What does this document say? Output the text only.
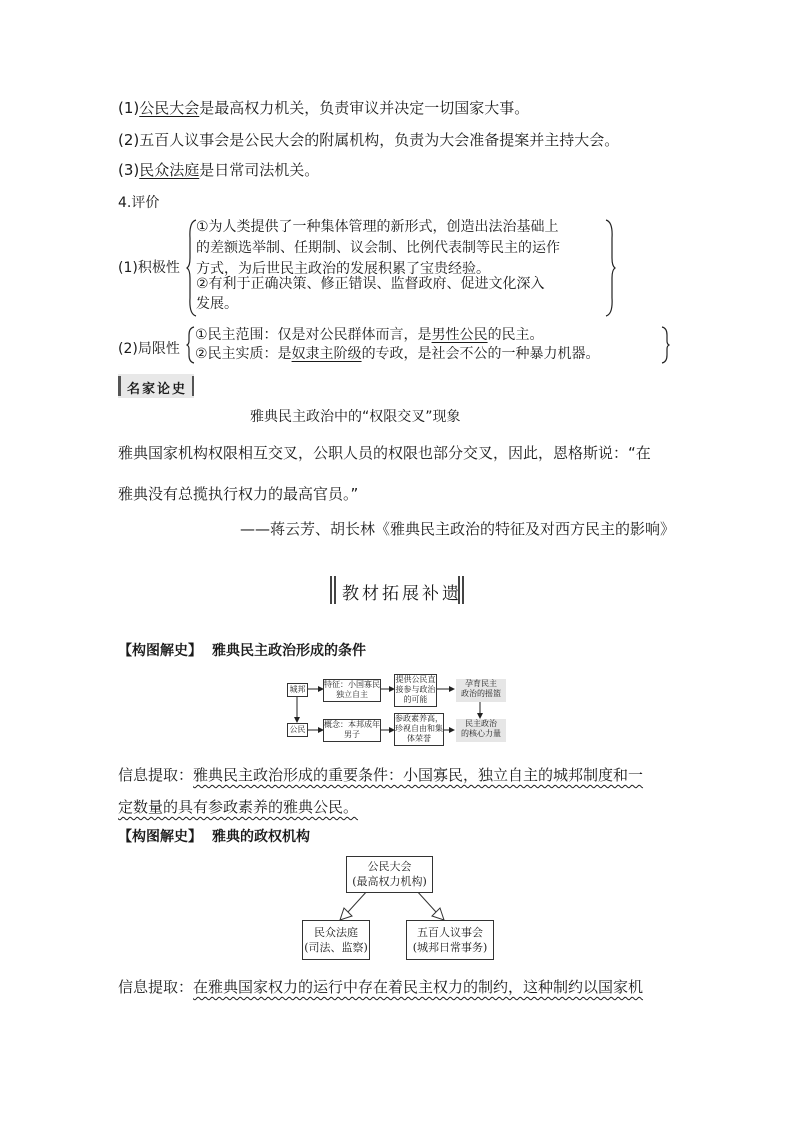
(1)公民大会是最高权力机关，负责审议并决定一切国家大事。
(2)五百人议事会是公民大会的附属机构，负责为大会准备提案并主持大会。
(3)民众法庭是日常司法机关。
4.评价
(1)积极性
①为人类提供了一种集体管理的新形式，创造出法治基础上
的差额选举制、任期制、议会制、比例代表制等民主的运作
方式，为后世民主政治的发展积累了宝贵经验。
②有利于正确决策、修正错误、监督政府、促进文化深入
发展。
(2)局限性
①民主范围：仅是对公民群体而言，是男性公民的民主。
②民主实质：是奴隶主阶级的专政，是社会不公的一种暴力机器。
名家论史
雅典民主政治中的“权限交叉”现象
雅典国家机构权限相互交叉，公职人员的权限也部分交叉，因此，恩格斯说：“在
雅典没有总揽执行权力的最高官员。”
——蒋云芳、胡长林《雅典民主政治的特征及对西方民主的影响》
教材拓展补遗
【构图解史】 雅典民主政治形成的条件
城邦
公民
特征：小国寡民
独立自主
概念：本邦成年
男子
提供公民直
接参与政治
的可能
参政素养高，
珍视自由和集
体荣誉
孕育民主
政治的摇篮
民主政治
的核心力量
信息提取：雅典民主政治形成的重要条件：小国寡民，独立自主的城邦制度和一
定数量的具有参政素养的雅典公民。
【构图解史】 雅典的政权机构
公民大会
(最高权力机构)
民众法庭
(司法、监察)
五百人议事会
(城邦日常事务)
信息提取：在雅典国家权力的运行中存在着民主权力的制约，这种制约以国家机
